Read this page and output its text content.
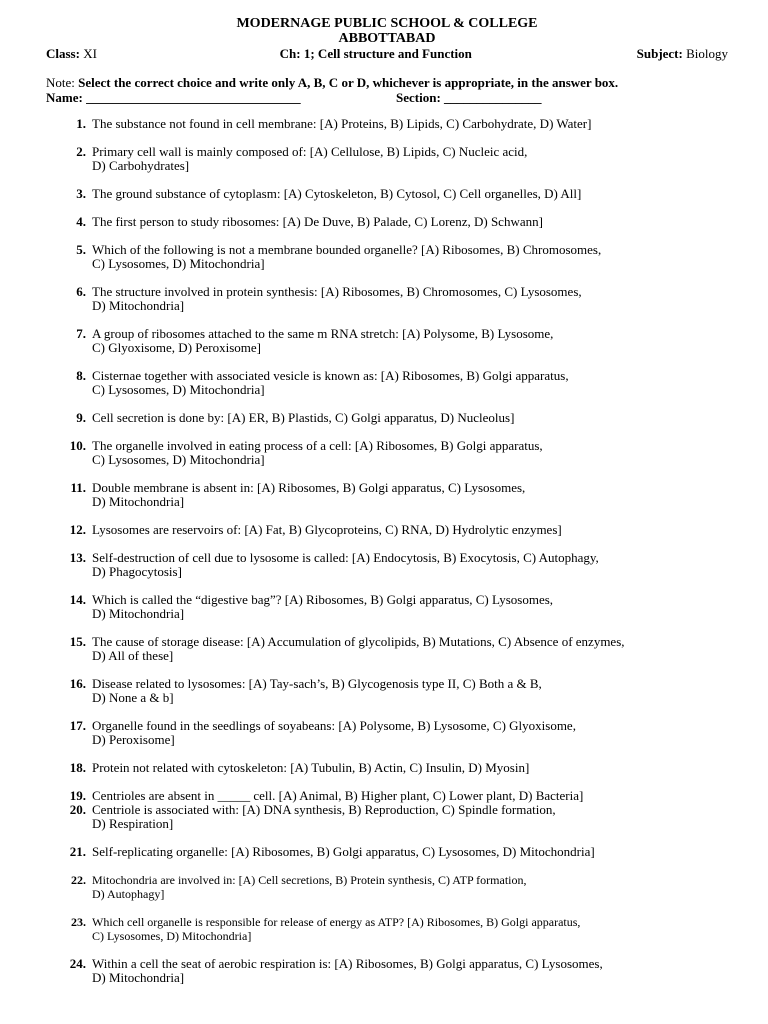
MODERNAGE PUBLIC SCHOOL & COLLEGE
ABBOTTABAD
Class: XI	Ch: 1; Cell structure and Function	Subject: Biology
Note: Select the correct choice and write only A, B, C or D, whichever is appropriate, in the answer box.
Name: _________________________________	Section: _______________
1. The substance not found in cell membrane: [A) Proteins, B) Lipids, C) Carbohydrate, D) Water]
2. Primary cell wall is mainly composed of: [A) Cellulose, B) Lipids, C) Nucleic acid,
D) Carbohydrates]
3. The ground substance of cytoplasm: [A) Cytoskeleton, B) Cytosol, C) Cell organelles, D) All]
4. The first person to study ribosomes: [A) De Duve, B) Palade, C) Lorenz, D) Schwann]
5. Which of the following is not a membrane bounded organelle? [A) Ribosomes, B) Chromosomes,
C) Lysosomes, D) Mitochondria]
6. The structure involved in protein synthesis: [A) Ribosomes, B) Chromosomes, C) Lysosomes,
D) Mitochondria]
7. A group of ribosomes attached to the same m RNA stretch: [A) Polysome, B) Lysosome,
C) Glyoxisome, D) Peroxisome]
8. Cisternae together with associated vesicle is known as: [A) Ribosomes, B) Golgi apparatus,
C) Lysosomes, D) Mitochondria]
9. Cell secretion is done by: [A) ER, B) Plastids, C) Golgi apparatus, D) Nucleolus]
10. The organelle involved in eating process of a cell: [A) Ribosomes, B) Golgi apparatus,
C) Lysosomes, D) Mitochondria]
11. Double membrane is absent in: [A) Ribosomes, B) Golgi apparatus, C) Lysosomes,
D) Mitochondria]
12. Lysosomes are reservoirs of: [A) Fat, B) Glycoproteins, C) RNA, D) Hydrolytic enzymes]
13. Self-destruction of cell due to lysosome is called: [A) Endocytosis, B) Exocytosis, C) Autophagy,
D) Phagocytosis]
14. Which is called the “digestive bag”? [A) Ribosomes, B) Golgi apparatus, C) Lysosomes,
D) Mitochondria]
15. The cause of storage disease: [A) Accumulation of glycolipids, B) Mutations, C) Absence of enzymes,
D) All of these]
16. Disease related to lysosomes: [A) Tay-sach’s, B) Glycogenosis type II, C) Both a & B,
D) None a & b]
17. Organelle found in the seedlings of soyabeans: [A) Polysome, B) Lysosome, C) Glyoxisome,
D) Peroxisome]
18. Protein not related with cytoskeleton: [A) Tubulin, B) Actin, C) Insulin, D) Myosin]
19. Centrioles are absent in _____ cell. [A) Animal, B) Higher plant, C) Lower plant, D) Bacteria]
20. Centriole is associated with: [A) DNA synthesis, B) Reproduction, C) Spindle formation,
D) Respiration]
21. Self-replicating organelle: [A) Ribosomes, B) Golgi apparatus, C) Lysosomes, D) Mitochondria]
22. Mitochondria are involved in: [A) Cell secretions, B) Protein synthesis, C) ATP formation,
D) Autophagy]
23. Which cell organelle is responsible for release of energy as ATP? [A) Ribosomes, B) Golgi apparatus,
C) Lysosomes, D) Mitochondria]
24. Within a cell the seat of aerobic respiration is: [A) Ribosomes, B) Golgi apparatus, C) Lysosomes,
D) Mitochondria]
